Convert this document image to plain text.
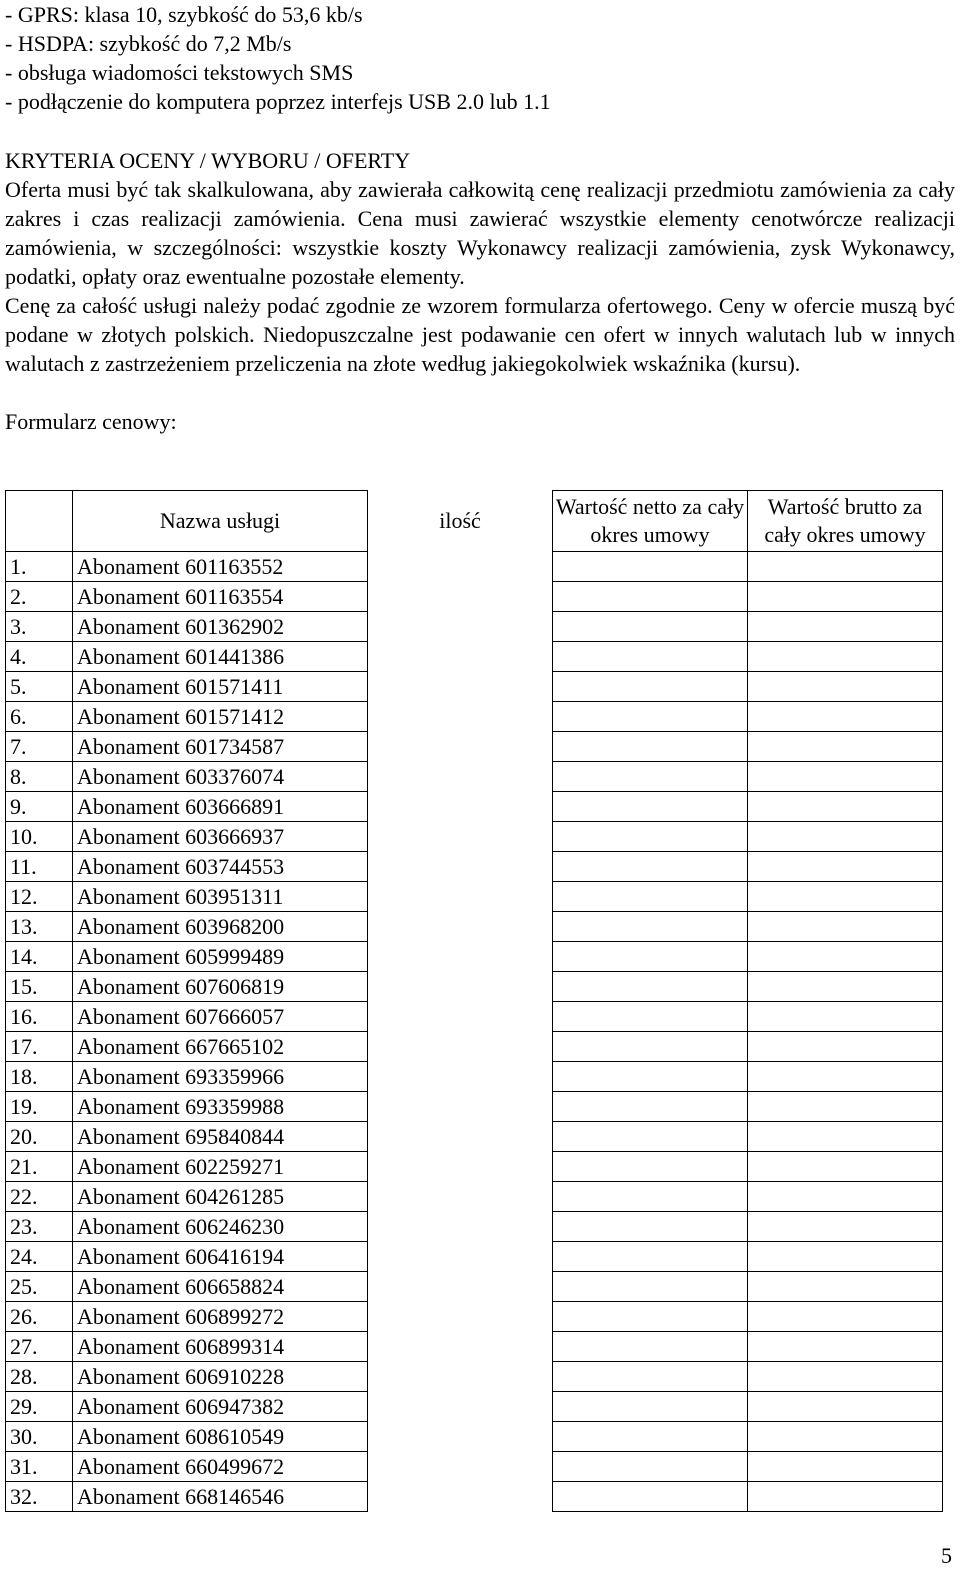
- GPRS: klasa 10, szybkość do 53,6 kb/s
- HSDPA: szybkość do 7,2 Mb/s
- obsługa wiadomości tekstowych SMS
- podłączenie do komputera poprzez interfejs USB 2.0 lub 1.1
KRYTERIA OCENY / WYBORU / OFERTY

Oferta musi być tak skalkulowana, aby zawierała całkowitą cenę realizacji przedmiotu zamówienia za cały zakres i czas realizacji zamówienia. Cena musi zawierać wszystkie elementy cenotwórcze realizacji zamówienia, w szczególności: wszystkie koszty Wykonawcy realizacji zamówienia, zysk Wykonawcy, podatki, opłaty oraz ewentualne pozostałe elementy.

Cenę za całość usługi należy podać zgodnie ze wzorem formularza ofertowego. Ceny w ofercie muszą być podane w złotych polskich. Niedopuszczalne jest podawanie cen ofert w innych walutach lub w innych walutach z zastrzeżeniem przeliczenia na złote według jakiegokolwiek wskaźnika (kursu).

Formularz cenowy:
	Nazwa usługi	ilość	Wartość netto za cały okres umowy	Wartość brutto za cały okres umowy
1.	Abonament 601163552			
2.	Abonament 601163554			
3.	Abonament 601362902			
4.	Abonament 601441386			
5.	Abonament 601571411			
6.	Abonament 601571412			
7.	Abonament 601734587			
8.	Abonament 603376074			
9.	Abonament 603666891			
10.	Abonament 603666937			
11.	Abonament 603744553			
12.	Abonament 603951311			
13.	Abonament 603968200			
14.	Abonament 605999489			
15.	Abonament 607606819			
16.	Abonament 607666057			
17.	Abonament 667665102			
18.	Abonament 693359966			
19.	Abonament 693359988			
20.	Abonament 695840844			
21.	Abonament 602259271			
22.	Abonament 604261285			
23.	Abonament 606246230			
24.	Abonament 606416194			
25.	Abonament 606658824			
26.	Abonament 606899272			
27.	Abonament 606899314			
28.	Abonament 606910228			
29.	Abonament 606947382			
30.	Abonament 608610549			
31.	Abonament 660499672			
32.	Abonament 668146546			
5
